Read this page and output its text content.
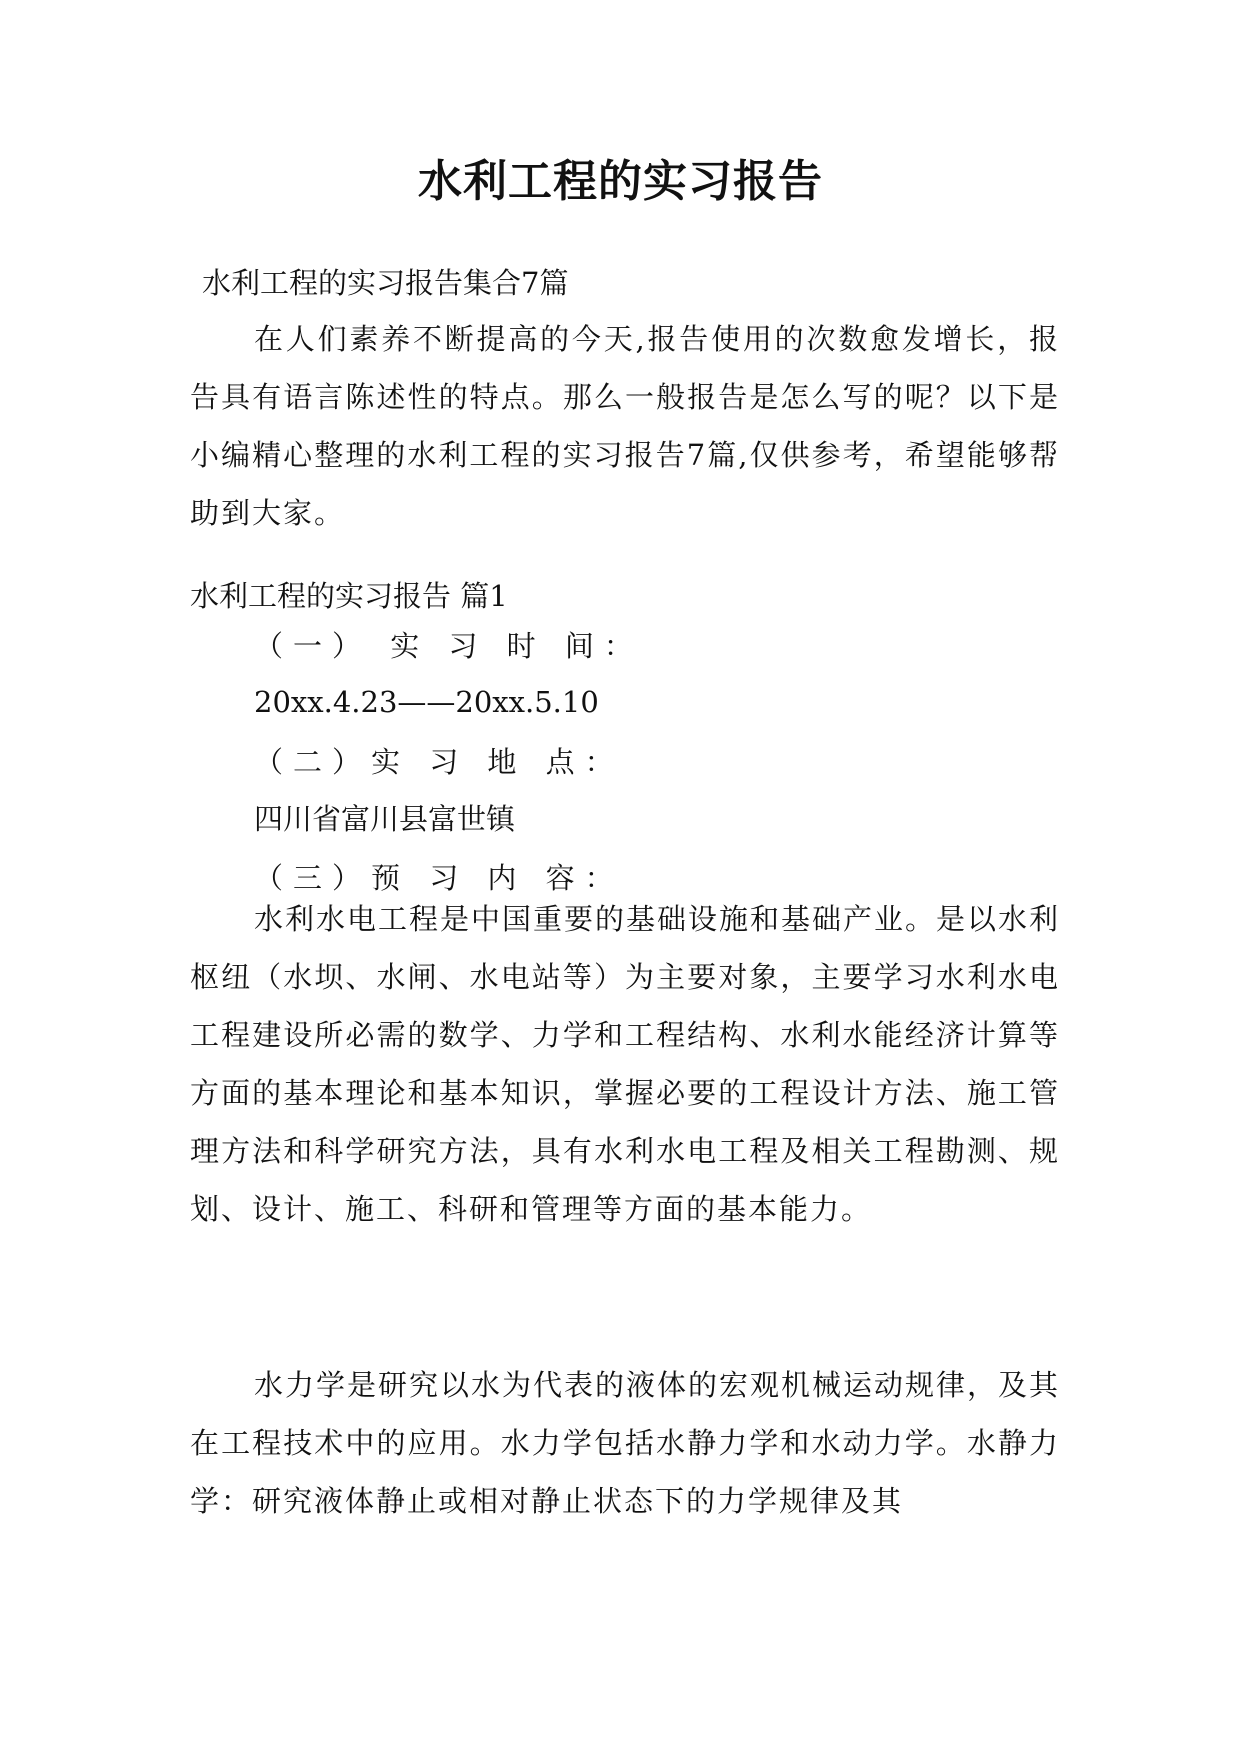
水利工程的实习报告
水利工程的实习报告集合7篇
在人们素养不断提高的今天,报告使用的次数愈发增长，报告具有语言陈述性的特点。那么一般报告是怎么写的呢？以下是小编精心整理的水利工程的实习报告7篇,仅供参考，希望能够帮助到大家。
水利工程的实习报告 篇1
（一） 实 习 时 间：
20xx.4.23——20xx.5.10
（二）实 习 地 点：
四川省富川县富世镇
（三）预 习 内 容：
水利水电工程是中国重要的基础设施和基础产业。是以水利枢纽（水坝、水闸、水电站等）为主要对象，主要学习水利水电工程建设所必需的数学、力学和工程结构、水利水能经济计算等方面的基本理论和基本知识，掌握必要的工程设计方法、施工管理方法和科学研究方法，具有水利水电工程及相关工程勘测、规划、设计、施工、科研和管理等方面的基本能力。
水力学是研究以水为代表的液体的宏观机械运动规律，及其在工程技术中的应用。水力学包括水静力学和水动力学。水静力学：研究液体静止或相对静止状态下的力学规律及其
